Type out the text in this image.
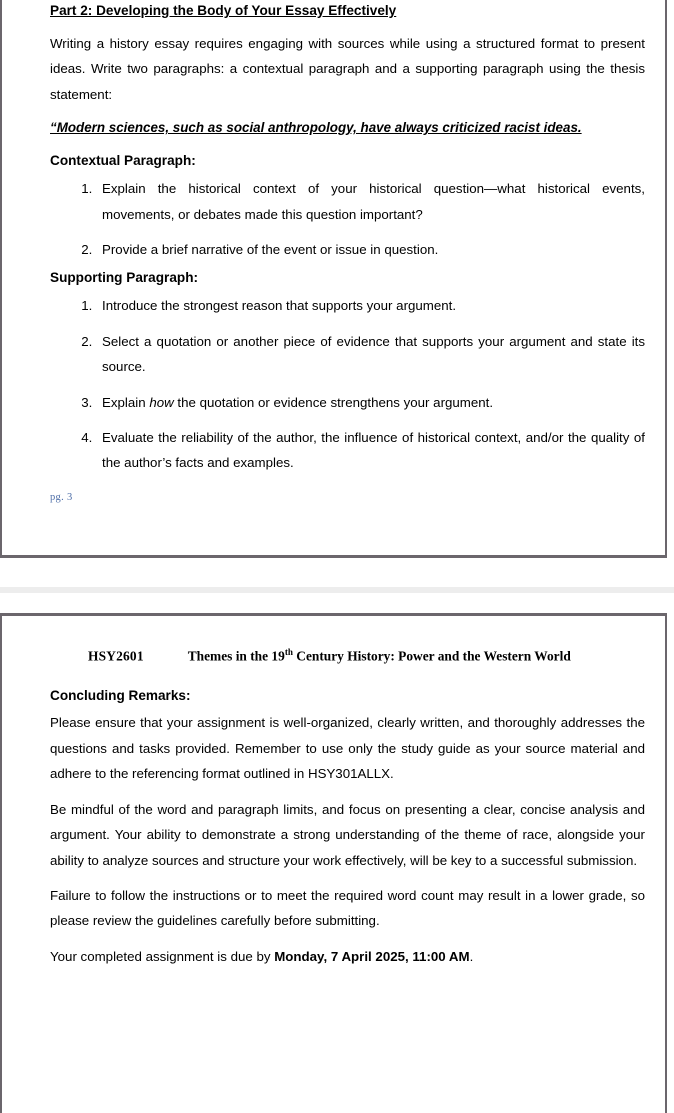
Part 2: Developing the Body of Your Essay Effectively

Writing a history essay requires engaging with sources while using a structured format to present ideas. Write two paragraphs: a contextual paragraph and a supporting paragraph using the thesis statement:

“Modern sciences, such as social anthropology, have always criticized racist ideas.
Contextual Paragraph:
1. Explain the historical context of your historical question—what historical events, movements, or debates made this question important?
2. Provide a brief narrative of the event or issue in question.
Supporting Paragraph:
1. Introduce the strongest reason that supports your argument.
2. Select a quotation or another piece of evidence that supports your argument and state its source.
3. Explain how the quotation or evidence strengthens your argument.
4. Evaluate the reliability of the author, the influence of historical context, and/or the quality of the author’s facts and examples.
pg. 3
HSY2601	Themes in the 19th Century History: Power and the Western World
Concluding Remarks:

Please ensure that your assignment is well-organized, clearly written, and thoroughly addresses the questions and tasks provided. Remember to use only the study guide as your source material and adhere to the referencing format outlined in HSY301ALLX.

Be mindful of the word and paragraph limits, and focus on presenting a clear, concise analysis and argument. Your ability to demonstrate a strong understanding of the theme of race, alongside your ability to analyze sources and structure your work effectively, will be key to a successful submission.

Failure to follow the instructions or to meet the required word count may result in a lower grade, so please review the guidelines carefully before submitting.

Your completed assignment is due by Monday, 7 April 2025, 11:00 AM.
